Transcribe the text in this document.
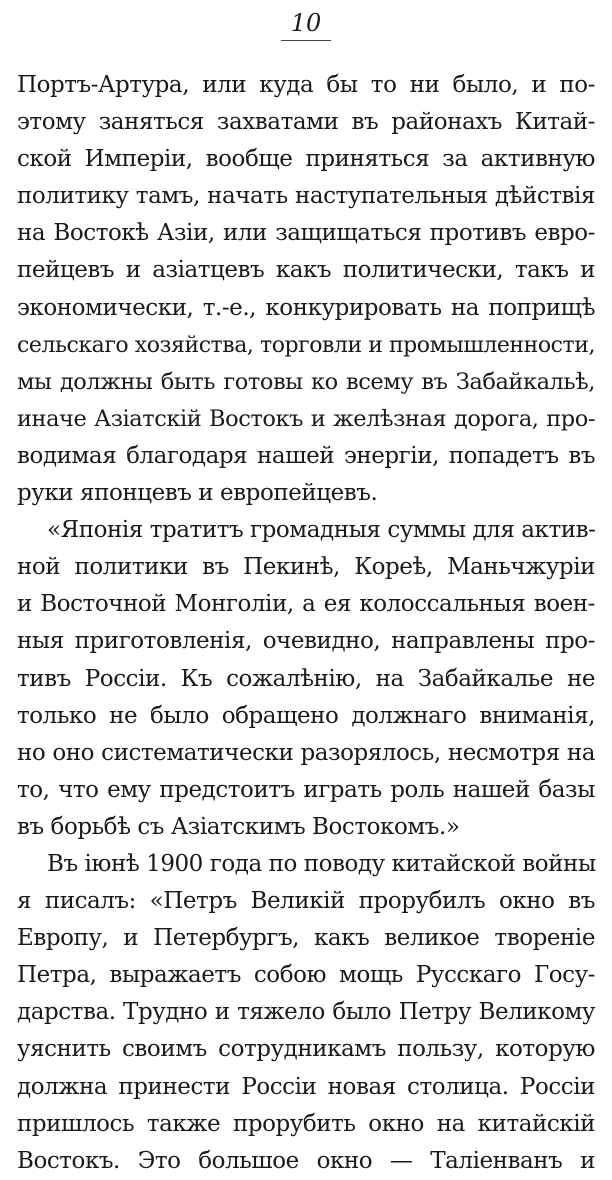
10
Портъ-Артура, или куда бы то ни было, и по-
этому заняться захватами въ районахъ Китай-
ской Имперіи, вообще приняться за активную
политику тамъ, начать наступательныя дѣйствія
на Востокѣ Азіи, или защищаться противъ евро-
пейцевъ и азіатцевъ какъ политически, такъ и
экономически, т.-е., конкурировать на поприщѣ
сельскаго хозяйства, торговли и промышленности,
мы должны быть готовы ко всему въ Забайкальѣ,
иначе Азіатскій Востокъ и желѣзная дорога, про-
водимая благодаря нашей энергіи, попадетъ въ
руки японцевъ и европейцевъ.
«Японія тратитъ громадныя суммы для актив-
ной политики въ Пекинѣ, Кореѣ, Маньчжуріи
и Восточной Монголіи, а ея колоссальныя воен-
ныя приготовленія, очевидно, направлены про-
тивъ Россіи. Къ сожалѣнію, на Забайкалье не
только не было обращено должнаго вниманія,
но оно систематически разорялось, несмотря на
то, что ему предстоитъ играть роль нашей базы
въ борьбѣ съ Азіатскимъ Востокомъ.»
Въ іюнѣ 1900 года по поводу китайской войны
я писалъ: «Петръ Великій прорубилъ окно въ
Европу, и Петербургъ, какъ великое твореніе
Петра, выражаетъ собою мощь Русскаго Госу-
дарства. Трудно и тяжело было Петру Великому
уяснить своимъ сотрудникамъ пользу, которую
должна принести Россіи новая столица. Россіи
пришлось также прорубить окно на китайскій
Востокъ. Это большое окно — Таліенванъ и
